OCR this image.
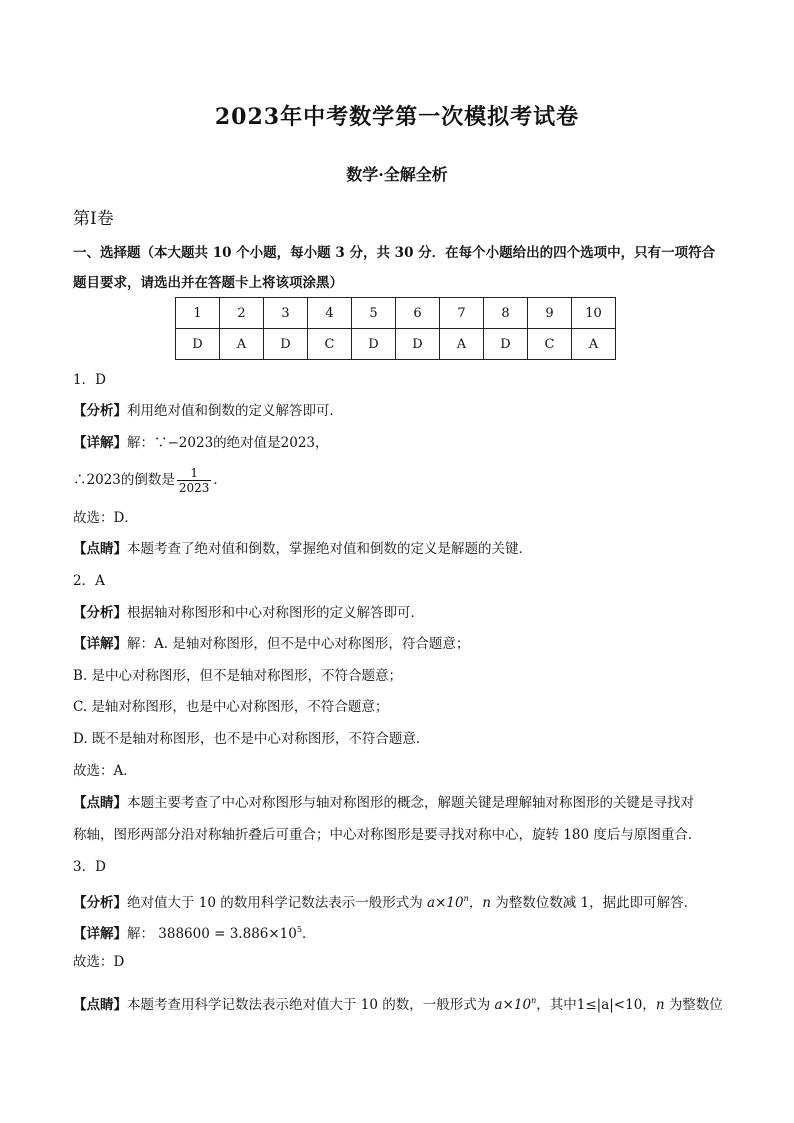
2023年中考数学第一次模拟考试卷
数学·全解全析
第Ⅰ卷
一、选择题（本大题共 10 个小题，每小题 3 分，共 30 分．在每个小题给出的四个选项中，只有一项符合
题目要求，请选出并在答题卡上将该项涂黑）
1	2	3	4	5	6	7	8	9	10
D	A	D	C	D	D	A	D	C	A
1．D
【分析】利用绝对值和倒数的定义解答即可．
【详解】解：∵−2023的绝对值是2023，
∴2023的倒数是 $\frac{1}{2023}$ ．
故选：D．
【点睛】本题考查了绝对值和倒数，掌握绝对值和倒数的定义是解题的关键．
2．A
【分析】根据轴对称图形和中心对称图形的定义解答即可．
【详解】解：A. 是轴对称图形，但不是中心对称图形，符合题意；
B. 是中心对称图形，但不是轴对称图形，不符合题意；
C. 是轴对称图形，也是中心对称图形，不符合题意；
D. 既不是轴对称图形，也不是中心对称图形，不符合题意．
故选：A．
【点睛】本题主要考查了中心对称图形与轴对称图形的概念，解题关键是理解轴对称图形的关键是寻找对
称轴，图形两部分沿对称轴折叠后可重合；中心对称图形是要寻找对称中心，旋转 180 度后与原图重合．
3．D
【分析】绝对值大于 10 的数用科学记数法表示一般形式为 $a\times 10^n$，n 为整数位数减 1，据此即可解答．
【详解】解： $388600 = 3.886\times 10^5$．
故选：D
【点睛】本题考查用科学记数法表示绝对值大于 10 的数，一般形式为 $a\times 10^n$，其中1≤|a|<10，n 为整数位
